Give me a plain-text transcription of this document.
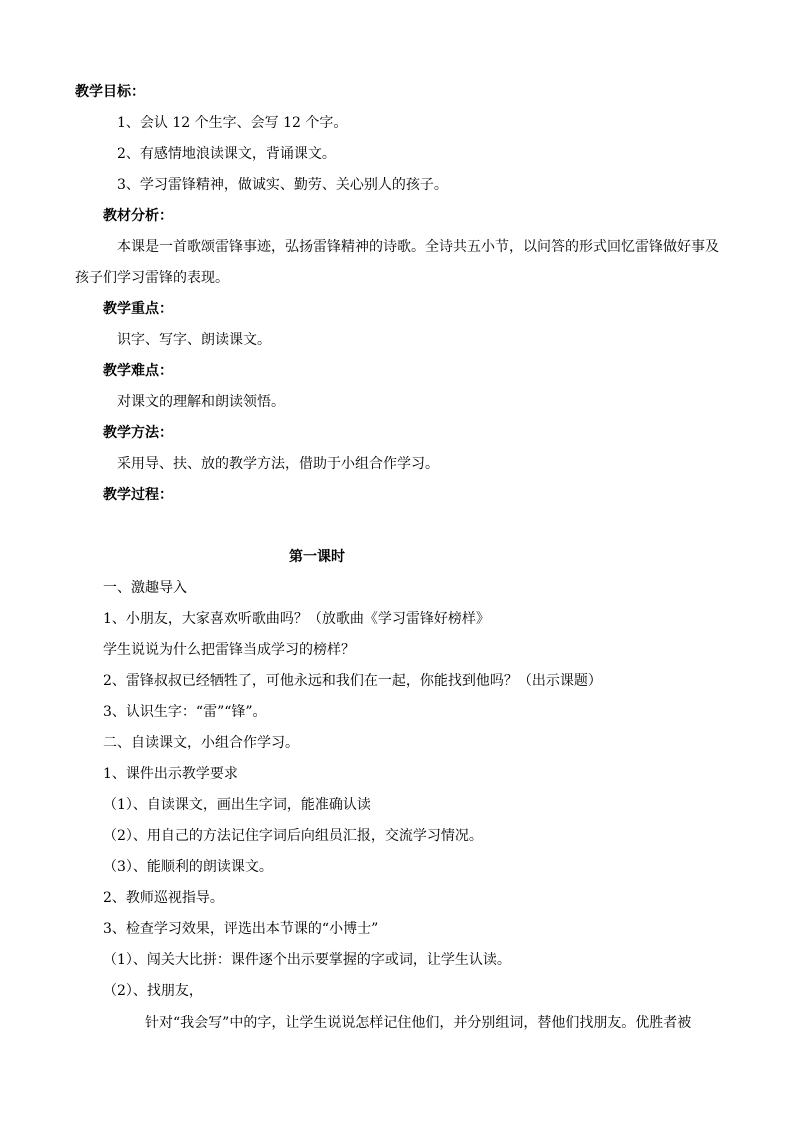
教学目标：
1、会认 12 个生字、会写 12 个字。
2、有感情地浪读课文，背诵课文。
3、学习雷锋精神，做诚实、勤劳、关心别人的孩子。
教材分析：
本课是一首歌颂雷锋事迹，弘扬雷锋精神的诗歌。全诗共五小节，以问答的形式回忆雷锋做好事及
孩子们学习雷锋的表现。
教学重点：
识字、写字、朗读课文。
教学难点：
对课文的理解和朗读领悟。
教学方法：
采用导、扶、放的教学方法，借助于小组合作学习。
教学过程：
第一课时
一、激趣导入
1、小朋友，大家喜欢听歌曲吗？（放歌曲《学习雷锋好榜样》
学生说说为什么把雷锋当成学习的榜样？
2、雷锋叔叔已经牺牲了，可他永远和我们在一起，你能找到他吗？（出示课题）
3、认识生字：“雷”“锋”。
二、自读课文，小组合作学习。
1、课件出示教学要求
（1）、自读课文，画出生字词，能准确认读
（2）、用自己的方法记住字词后向组员汇报，交流学习情况。
（3）、能顺利的朗读课文。
2、教师巡视指导。
3、检查学习效果，评选出本节课的“小博士”
（1）、闯关大比拼：课件逐个出示要掌握的字或词，让学生认读。
（2）、找朋友，
针对“我会写”中的字，让学生说说怎样记住他们，并分别组词，替他们找朋友。优胜者被
